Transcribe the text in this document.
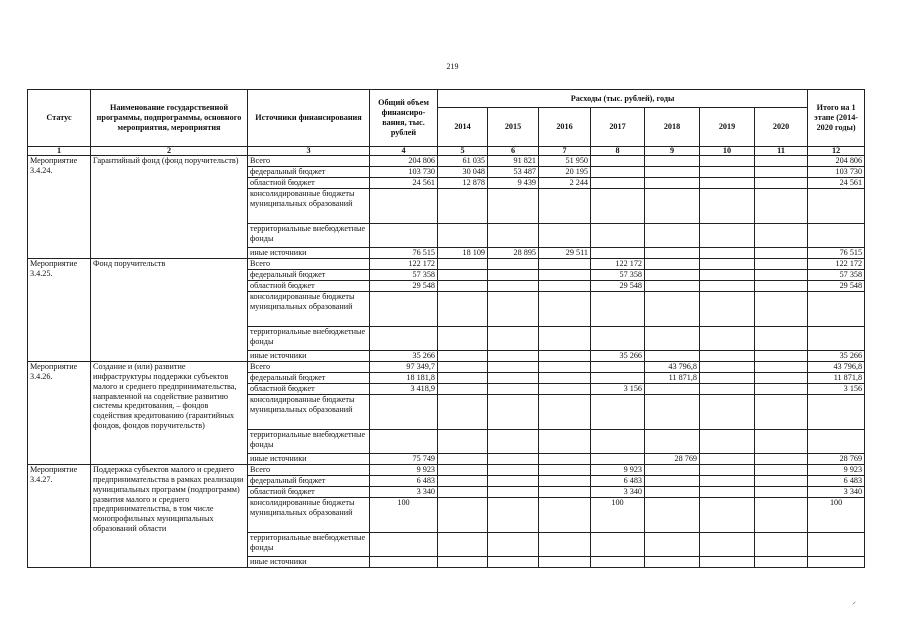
219
Статус	Наименование государственной программы, подпрограммы, основного мероприятия, мероприятия	Источники финансирования	Общий объем финансиро-вания, тыс. рублей	Расходы (тыс. рублей), годы							Итого на 1 этапе (2014-2020 годы)
				2014	2015	2016	2017	2018	2019	2020	
1	2	3	4	5	6	7	8	9	10	11	12
Мероприятие 3.4.24.	Гарантийный фонд (фонд поручительств)	Всего	204 806	61 035	91 821	51 950					204 806
		федеральный бюджет	103 730	30 048	53 487	20 195					103 730
		областной бюджет	24 561	12 878	9 439	2 244					24 561
		консолидированные бюджеты муниципальных образований									
		территориальные внебюджетные фонды									
		иные источники	76 515	18 109	28 895	29 511					76 515
Мероприятие 3.4.25.	Фонд поручительств	Всего	122 172				122 172				122 172
		федеральный бюджет	57 358				57 358				57 358
		областной бюджет	29 548				29 548				29 548
		консолидированные бюджеты муниципальных образований									
		территориальные внебюджетные фонды									
		иные источники	35 266				35 266				35 266
Мероприятие 3.4.26.	Создание и (или) развитие инфраструктуры поддержки субъектов малого и среднего предпринимательства, направленной на содействие развитию системы кредитования, – фондов содействия кредитованию (гарантийных фондов, фондов поручительств)	Всего	97 349,7					43 796,8			43 796,8
		федеральный бюджет	18 181,8					11 871,8			11 871,8
		областной бюджет	3 418,9				3 156				3 156
		консолидированные бюджеты муниципальных образований									
		территориальные внебюджетные фонды									
		иные источники	75 749					28 769			28 769
Мероприятие 3.4.27.	Поддержка субъектов малого и среднего предпринимательства в рамках реализации муниципальных программ (подпрограмм) развития малого и среднего предпринимательства, в том числе монопрофильных муниципальных образований области	Всего	9 923				9 923				9 923
		федеральный бюджет	6 483				6 483				6 483
		областной бюджет	3 340				3 340				3 340
		консолидированные бюджеты муниципальных образований	100				100				100
		территориальные внебюджетные фонды									
		иные источники									
⸝
